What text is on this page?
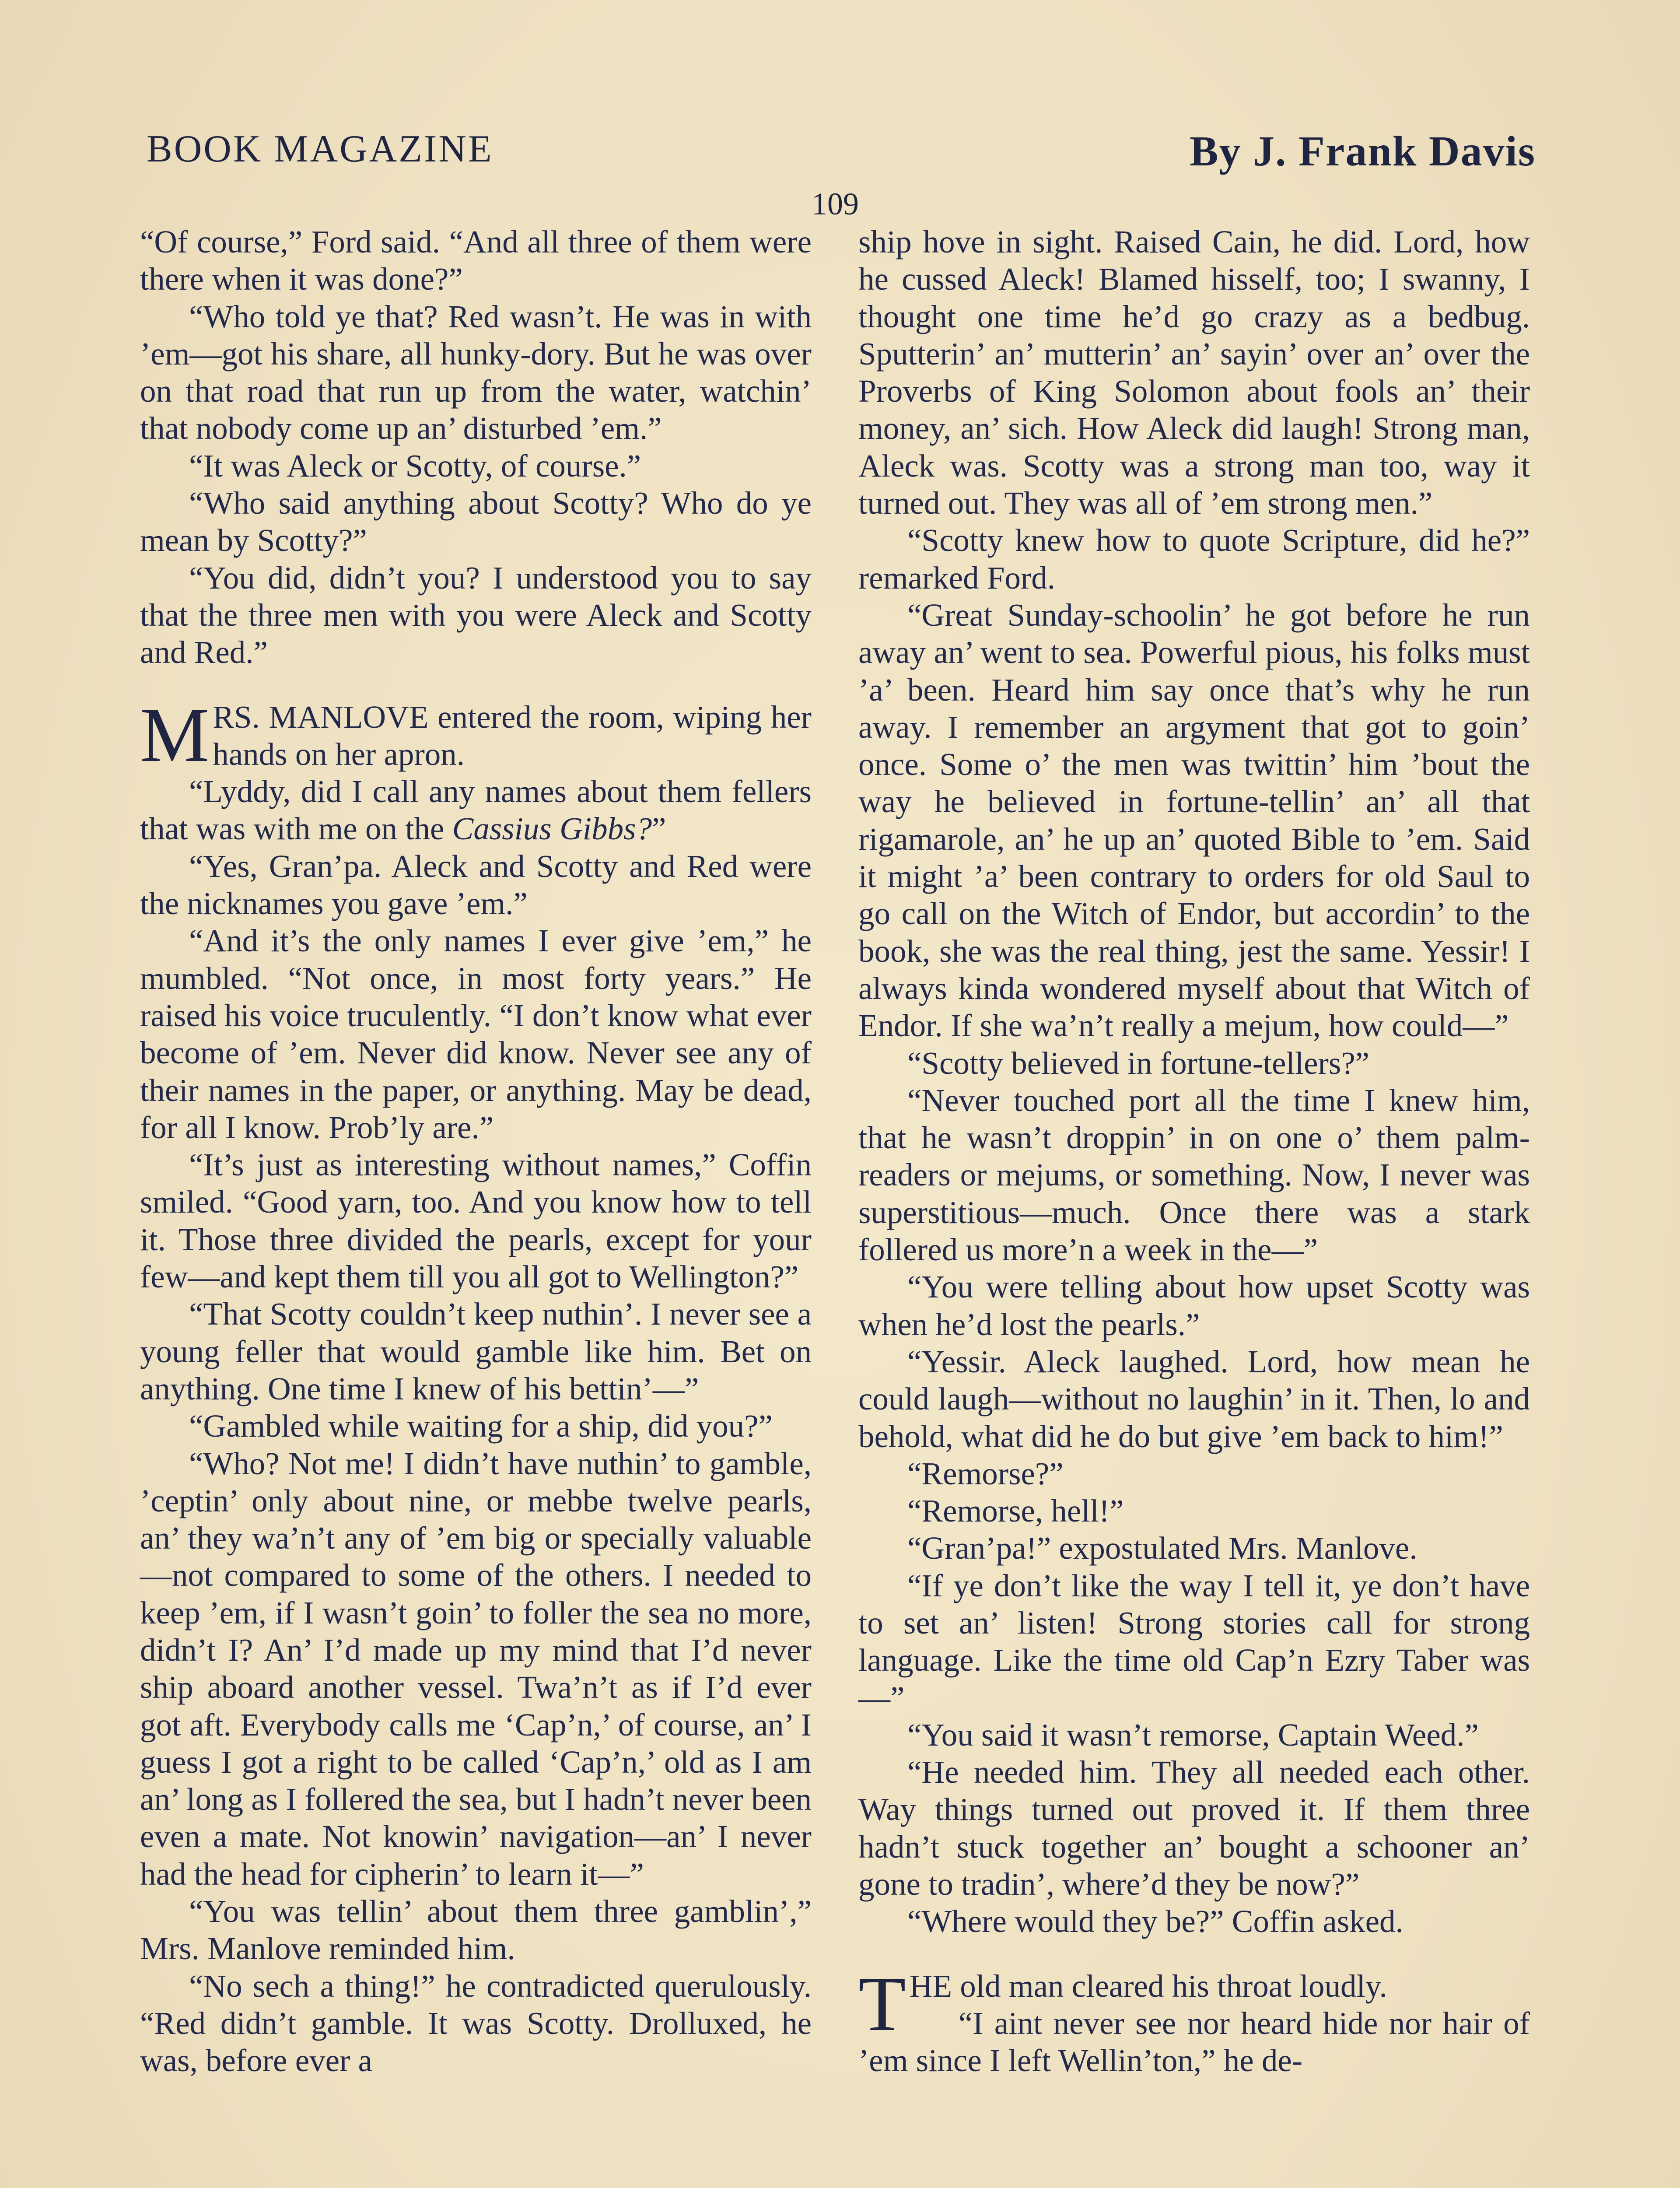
BOOK MAGAZINE	By J. Frank Davis
109

“Of course,” Ford said. “And all three of them were there when it was done?”

“Who told ye that? Red wasn’t. He was in with ’em—got his share, all hunky-dory. But he was over on that road that run up from the water, watchin’ that nobody come up an’ disturbed ’em.”

“It was Aleck or Scotty, of course.”

“Who said anything about Scotty? Who do ye mean by Scotty?”

“You did, didn’t you? I understood you to say that the three men with you were Aleck and Scotty and Red.”

MRS. MANLOVE entered the room, wiping her hands on her apron.

“Lyddy, did I call any names about them fellers that was with me on the Cassius Gibbs?”

“Yes, Gran’pa. Aleck and Scotty and Red were the nicknames you gave ’em.”

“And it’s the only names I ever give ’em,” he mumbled. “Not once, in most forty years.” He raised his voice truculently. “I don’t know what ever become of ’em. Never did know. Never see any of their names in the paper, or anything. May be dead, for all I know. Prob’ly are.”

“It’s just as interesting without names,” Coffin smiled. “Good yarn, too. And you know how to tell it. Those three divided the pearls, except for your few—and kept them till you all got to Wellington?”

“That Scotty couldn’t keep nuthin’. I never see a young feller that would gamble like him. Bet on anything. One time I knew of his bettin’—”

“Gambled while waiting for a ship, did you?”

“Who? Not me! I didn’t have nuthin’ to gamble, ’ceptin’ only about nine, or mebbe twelve pearls, an’ they wa’n’t any of ’em big or specially valuable—not compared to some of the others. I needed to keep ’em, if I wasn’t goin’ to foller the sea no more, didn’t I? An’ I’d made up my mind that I’d never ship aboard another vessel. Twa’n’t as if I’d ever got aft. Everybody calls me ‘Cap’n,’ of course, an’ I guess I got a right to be called ‘Cap’n,’ old as I am an’ long as I follered the sea, but I hadn’t never been even a mate. Not knowin’ navigation—an’ I never had the head for cipherin’ to learn it—”

“You was tellin’ about them three gamblin’,” Mrs. Manlove reminded him.

“No sech a thing!” he contradicted querulously. “Red didn’t gamble. It was Scotty. Drolluxed, he was, before ever a

ship hove in sight. Raised Cain, he did. Lord, how he cussed Aleck! Blamed hisself, too; I swanny, I thought one time he’d go crazy as a bedbug. Sputterin’ an’ mutterin’ an’ sayin’ over an’ over the Proverbs of King Solomon about fools an’ their money, an’ sich. How Aleck did laugh! Strong man, Aleck was. Scotty was a strong man too, way it turned out. They was all of ’em strong men.”

“Scotty knew how to quote Scripture, did he?” remarked Ford.

“Great Sunday-schoolin’ he got before he run away an’ went to sea. Powerful pious, his folks must ’a’ been. Heard him say once that’s why he run away. I remember an argyment that got to goin’ once. Some o’ the men was twittin’ him ’bout the way he believed in fortune-tellin’ an’ all that rigamarole, an’ he up an’ quoted Bible to ’em. Said it might ’a’ been contrary to orders for old Saul to go call on the Witch of Endor, but accordin’ to the book, she was the real thing, jest the same. Yessir! I always kinda wondered myself about that Witch of Endor. If she wa’n’t really a mejum, how could—”

“Scotty believed in fortune-tellers?”

“Never touched port all the time I knew him, that he wasn’t droppin’ in on one o’ them palm-readers or mejums, or something. Now, I never was superstitious—much. Once there was a stark follered us more’n a week in the—”

“You were telling about how upset Scotty was when he’d lost the pearls.”

“Yessir. Aleck laughed. Lord, how mean he could laugh—without no laughin’ in it. Then, lo and behold, what did he do but give ’em back to him!”

“Remorse?”

“Remorse, hell!”

“Gran’pa!” expostulated Mrs. Manlove.

“If ye don’t like the way I tell it, ye don’t have to set an’ listen! Strong stories call for strong language. Like the time old Cap’n Ezry Taber was—”

“You said it wasn’t remorse, Captain Weed.”

“He needed him. They all needed each other. Way things turned out proved it. If them three hadn’t stuck together an’ bought a schooner an’ gone to tradin’, where’d they be now?”

“Where would they be?” Coffin asked.

THE old man cleared his throat loudly.

“I aint never see nor heard hide nor hair of ’em since I left Wellin’ton,” he de-
